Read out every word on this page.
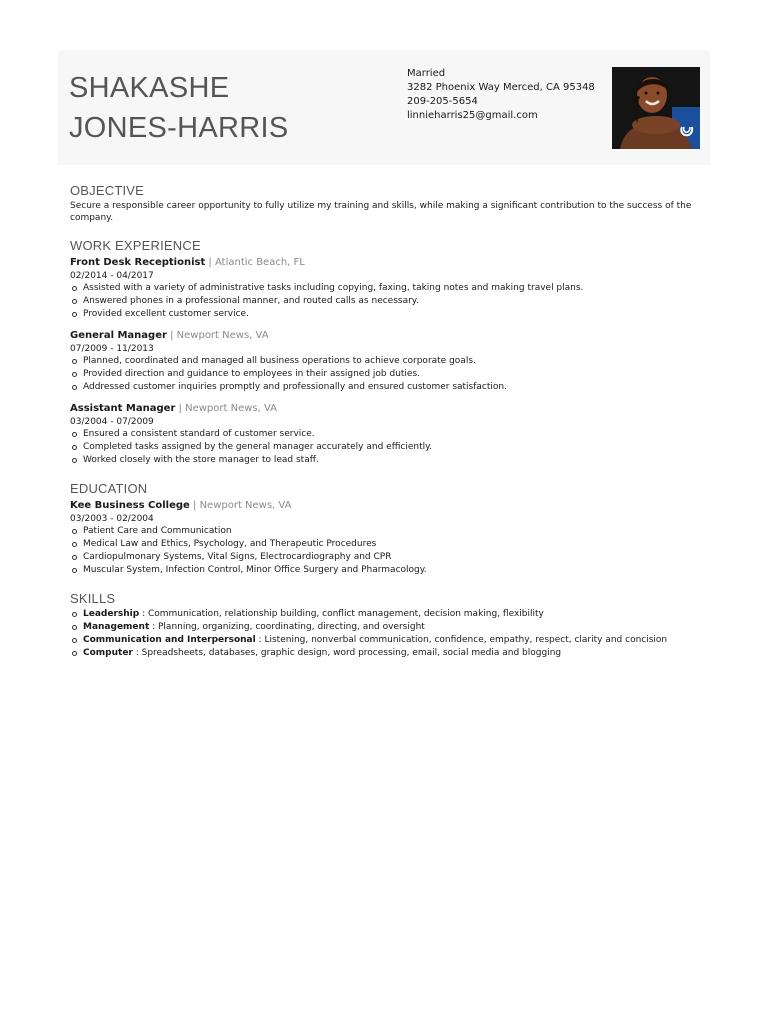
SHAKASHE
JONES-HARRIS
Married
3282 Phoenix Way Merced, CA 95348
209-205-5654
linnieharris25@gmail.com
OBJECTIVE

Secure a responsible career opportunity to fully utilize my training and skills, while making a significant contribution to the success of the company.

WORK EXPERIENCE
Front Desk Receptionist | Atlantic Beach, FL
02/2014 - 04/2017
Assisted with a variety of administrative tasks including copying, faxing, taking notes and making travel plans.
Answered phones in a professional manner, and routed calls as necessary.
Provided excellent customer service.
General Manager | Newport News, VA
07/2009 - 11/2013
Planned, coordinated and managed all business operations to achieve corporate goals.
Provided direction and guidance to employees in their assigned job duties.
Addressed customer inquiries promptly and professionally and ensured customer satisfaction.
Assistant Manager | Newport News, VA
03/2004 - 07/2009
Ensured a consistent standard of customer service.
Completed tasks assigned by the general manager accurately and efficiently.
Worked closely with the store manager to lead staff.
EDUCATION
Kee Business College | Newport News, VA
03/2003 - 02/2004
Patient Care and Communication
Medical Law and Ethics, Psychology, and Therapeutic Procedures
Cardiopulmonary Systems, Vital Signs, Electrocardiography and CPR
Muscular System, Infection Control, Minor Office Surgery and Pharmacology.
SKILLS
Leadership : Communication, relationship building, conflict management, decision making, flexibility
Management : Planning, organizing, coordinating, directing, and oversight
Communication and Interpersonal : Listening, nonverbal communication, confidence, empathy, respect, clarity and concision
Computer : Spreadsheets, databases, graphic design, word processing, email, social media and blogging
